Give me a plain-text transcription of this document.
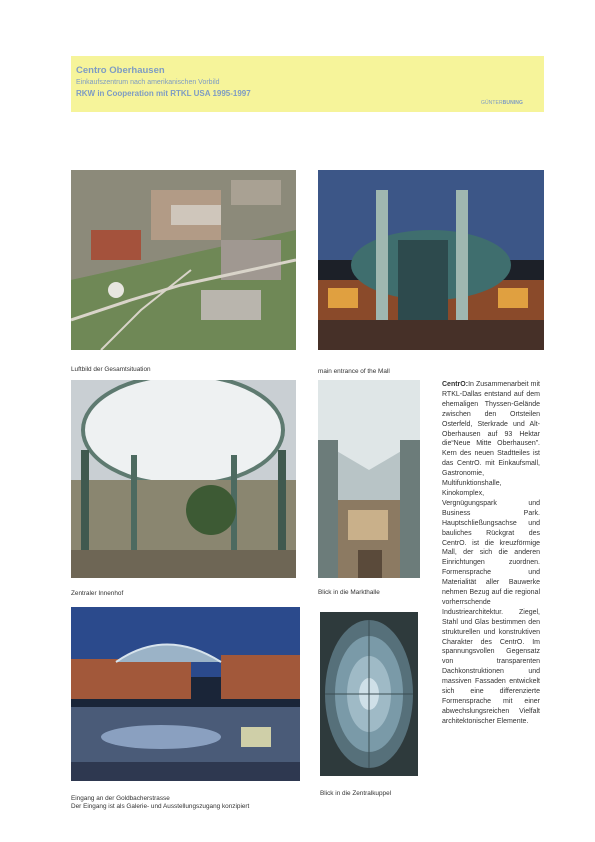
Centro Oberhausen
Einkaufszentrum nach amerikanischen Vorbild
RKW in Cooperation mit RTKL USA 1995-1997
GÜNTERBUNING
Luftbild der Gesamtsituation	main entrance of the Mall
Zentraler Innenhof	Blick in die Markthalle
CentrO:In Zusammenarbeit mit RTKL-Dallas entstand auf dem ehemaligen Thyssen-Gelände zwischen den Ortsteilen Osterfeld, Sterkrade und Alt-Oberhausen auf 93 Hektar die“Neue Mitte Oberhausen”. Kern des neuen Stadtteiles ist das CentrO. mit Einkaufsmall, Gastronomie, Multifunktionshalle, Kinokomplex, Vergnügungspark und Business Park. Hauptschließungsachse und bauliches Rückgrat des CentrO. ist die kreuzförmige Mall, der sich die anderen Einrichtungen zuordnen. Formensprache und Materialität aller Bauwerke nehmen Bezug auf die regional vorherrschende Industriearchitektur. Ziegel, Stahl und Glas bestimmen den strukturellen und konstruktiven Charakter des CentrO. Im spannungsvollen Gegensatz von transparenten Dachkonstruktionen und massiven Fassaden entwickelt sich eine differenzierte Formensprache mit einer abwechslungsreichen Vielfalt architektonischer Elemente.
Eingang an der Goldbacherstrasse
Der Eingang ist als Galerie- und Ausstellungszugang konzipiert
Blick in die Zentralkuppel
